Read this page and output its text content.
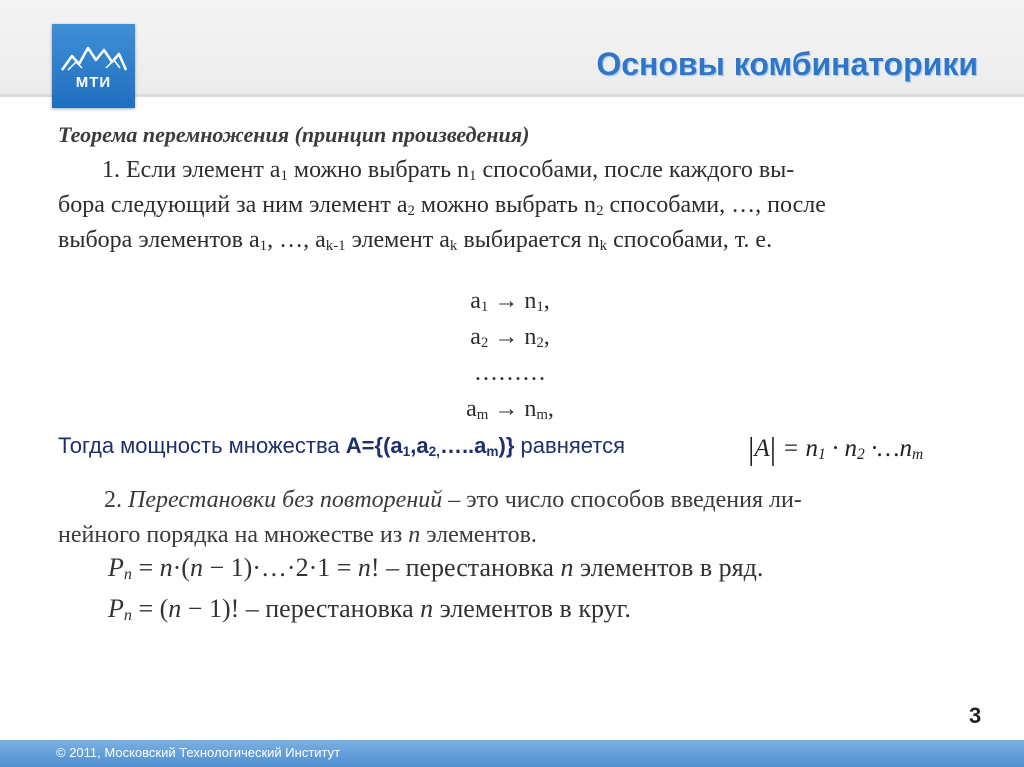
МТИ
Основы комбинаторики
Теорема перемножения (принцип произведения)
1. Если элемент $а_1$ можно выбрать $n_1$ способами, после каждого вы-
бора следующий за ним элемент $а_2$ можно выбрать $n_2$ способами, …, после
выбора элементов $а_1$, …, $a_{k-1}$ элемент $a_k$ выбирается $n_k$ способами, т. е.
$a_1 \to n_1$,
$a_2 \to n_2$,
………
$a_m \to n_m$,
Тогда мощность множества $A=\{(a_1,a_{2,}\dots..a_m)\}$ равняется	$|A| = n_1 \cdot n_2$ $\cdot\dots n_m$
2. Перестановки без повторений – это число способов введения ли-
нейного порядка на множестве из n элементов.
$P_n = n\cdot(n$ − 1)·…·2·1 = n! – перестановка n элементов в ряд.
$P_n = (n - 1)$! – перестановка n элементов в круг.
3
© 2011, Московский Технологический Институт
